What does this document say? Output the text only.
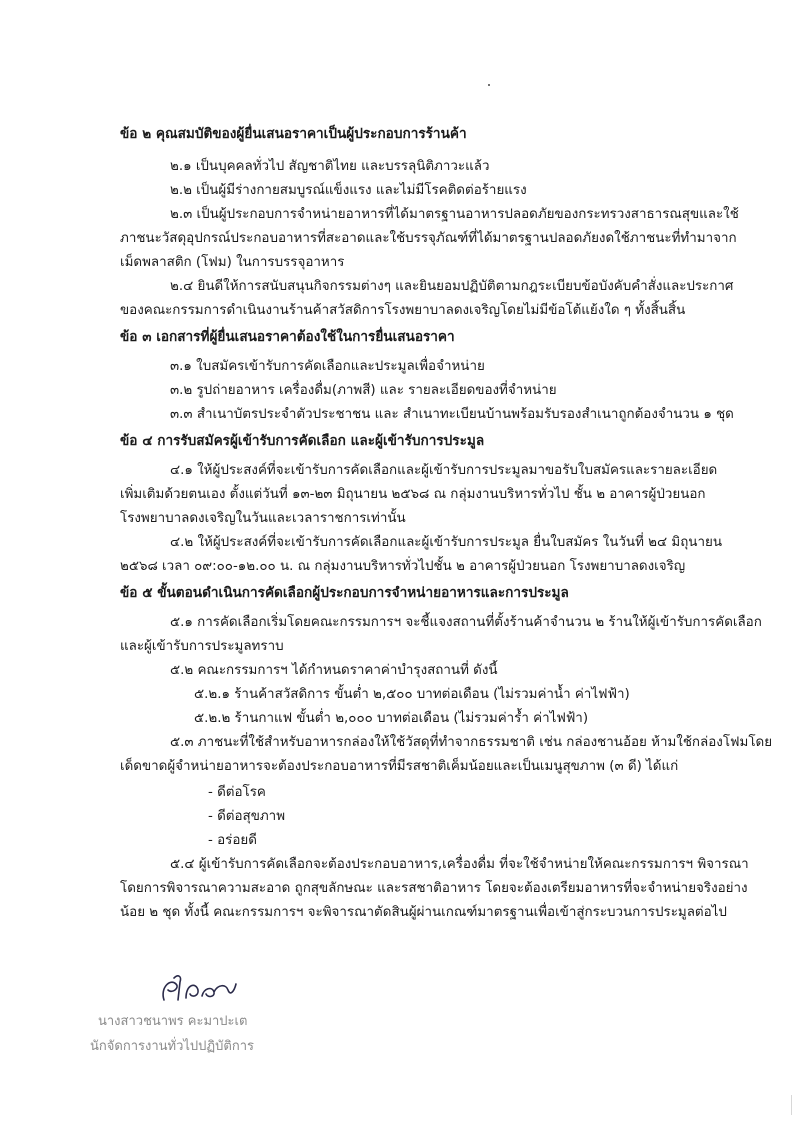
ข้อ ๒ คุณสมบัติของผู้ยื่นเสนอราคาเป็นผู้ประกอบการร้านค้า
๒.๑ เป็นบุคคลทั่วไป สัญชาติไทย และบรรลุนิติภาวะแล้ว
๒.๒ เป็นผู้มีร่างกายสมบูรณ์แข็งแรง และไม่มีโรคติดต่อร้ายแรง
๒.๓ เป็นผู้ประกอบการจำหน่ายอาหารที่ได้มาตรฐานอาหารปลอดภัยของกระทรวงสาธารณสุขและใช้
ภาชนะวัสดุอุปกรณ์ประกอบอาหารที่สะอาดและใช้บรรจุภัณฑ์ที่ได้มาตรฐานปลอดภัยงดใช้ภาชนะที่ทำมาจาก
เม็ดพลาสติก (โฟม) ในการบรรจุอาหาร
๒.๔ ยินดีให้การสนับสนุนกิจกรรมต่างๆ และยินยอมปฏิบัติตามกฎระเบียบข้อบังคับคำสั่งและประกาศ
ของคณะกรรมการดำเนินงานร้านค้าสวัสดิการโรงพยาบาลดงเจริญโดยไม่มีข้อโต้แย้งใด ๆ ทั้งสิ้นสิ้น
ข้อ ๓ เอกสารที่ผู้ยื่นเสนอราคาต้องใช้ในการยื่นเสนอราคา
๓.๑ ใบสมัครเข้ารับการคัดเลือกและประมูลเพื่อจำหน่าย
๓.๒ รูปถ่ายอาหาร เครื่องดื่ม(ภาพสี) และ รายละเอียดของที่จำหน่าย
๓.๓ สำเนาบัตรประจำตัวประชาชน และ สำเนาทะเบียนบ้านพร้อมรับรองสำเนาถูกต้องจำนวน ๑ ชุด
ข้อ ๔ การรับสมัครผู้เข้ารับการคัดเลือก และผู้เข้ารับการประมูล
๔.๑ ให้ผู้ประสงค์ที่จะเข้ารับการคัดเลือกและผู้เข้ารับการประมูลมาขอรับใบสมัครและรายละเอียด
เพิ่มเติมด้วยตนเอง ตั้งแต่วันที่ ๑๓-๒๓ มิถุนายน ๒๕๖๘ ณ กลุ่มงานบริหารทั่วไป ชั้น ๒ อาคารผู้ป่วยนอก
โรงพยาบาลดงเจริญในวันและเวลาราชการเท่านั้น
๔.๒ ให้ผู้ประสงค์ที่จะเข้ารับการคัดเลือกและผู้เข้ารับการประมูล ยื่นใบสมัคร ในวันที่ ๒๔ มิถุนายน
๒๕๖๘ เวลา ๐๙:๐๐-๑๒.๐๐ น. ณ กลุ่มงานบริหารทั่วไปชั้น ๒ อาคารผู้ป่วยนอก โรงพยาบาลดงเจริญ
ข้อ ๕ ขั้นตอนดำเนินการคัดเลือกผู้ประกอบการจำหน่ายอาหารและการประมูล
๕.๑ การคัดเลือกเริ่มโดยคณะกรรมการฯ จะชี้แจงสถานที่ตั้งร้านค้าจำนวน ๒ ร้านให้ผู้เข้ารับการคัดเลือก
และผู้เข้ารับการประมูลทราบ
๕.๒ คณะกรรมการฯ ได้กำหนดราคาค่าบำรุงสถานที่ ดังนี้
๕.๒.๑ ร้านค้าสวัสดิการ ขั้นต่ำ ๒,๕๐๐ บาทต่อเดือน (ไม่รวมค่าน้ำ ค่าไฟฟ้า)
๕.๒.๒ ร้านกาแฟ ขั้นต่ำ ๒,๐๐๐ บาทต่อเดือน (ไม่รวมค่าร้ำ ค่าไฟฟ้า)
๕.๓ ภาชนะที่ใช้สำหรับอาหารกล่องให้ใช้วัสดุที่ทำจากธรรมชาติ เช่น กล่องชานอ้อย ห้ามใช้กล่องโฟมโดย
เด็ดขาดผู้จำหน่ายอาหารจะต้องประกอบอาหารที่มีรสชาติเค็มน้อยและเป็นเมนูสุขภาพ (๓ ดี) ได้แก่
- ดีต่อโรค
- ดีต่อสุขภาพ
- อร่อยดี
๕.๔ ผู้เข้ารับการคัดเลือกจะต้องประกอบอาหาร,เครื่องดื่ม ที่จะใช้จำหน่ายให้คณะกรรมการฯ พิจารณา
โดยการพิจารณาความสะอาด ถูกสุขลักษณะ และรสชาติอาหาร โดยจะต้องเตรียมอาหารที่จะจำหน่ายจริงอย่าง
น้อย ๒ ชุด ทั้งนี้ คณะกรรมการฯ จะพิจารณาตัดสินผู้ผ่านเกณฑ์มาตรฐานเพื่อเข้าสู่กระบวนการประมูลต่อไป
นางสาวชนาพร คะมาปะเต
นักจัดการงานทั่วไปปฏิบัติการ
